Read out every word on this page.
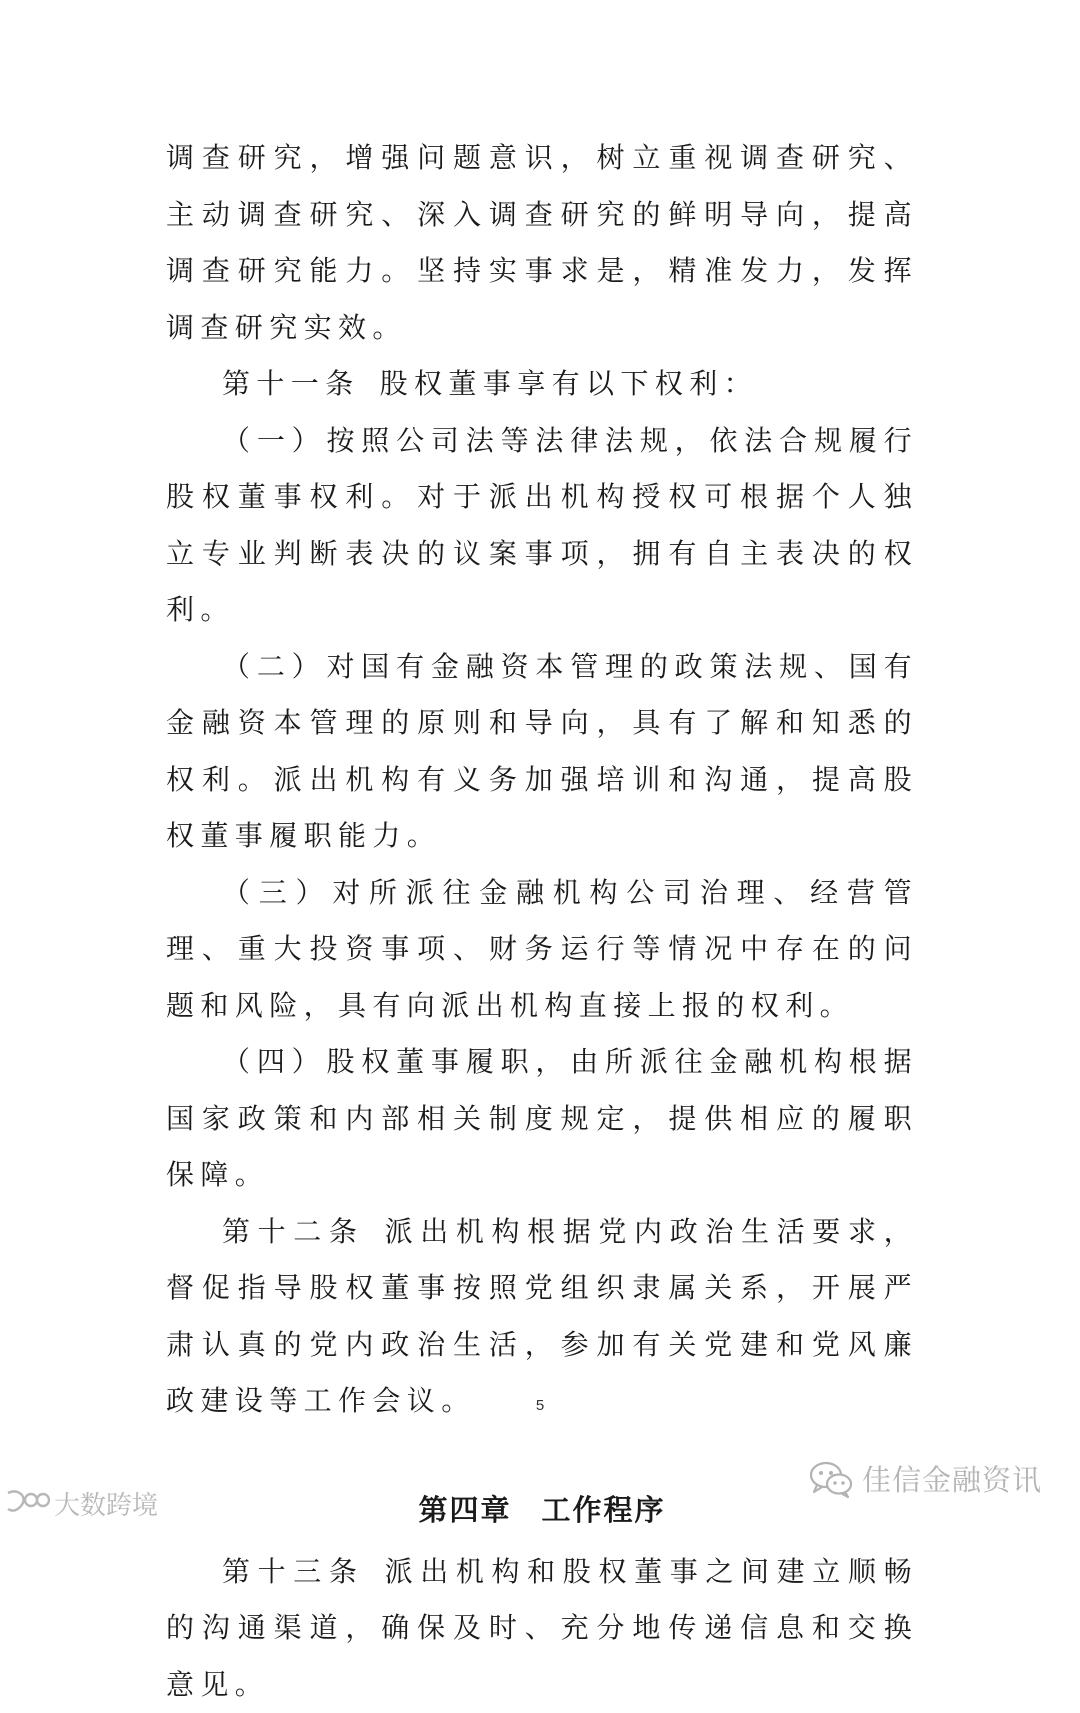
调查研究，增强问题意识，树立重视调查研究、主动调查研究、深入调查研究的鲜明导向，提高调查研究能力。坚持实事求是，精准发力，发挥调查研究实效。

第十一条 股权董事享有以下权利：

（一）按照公司法等法律法规，依法合规履行股权董事权利。对于派出机构授权可根据个人独立专业判断表决的议案事项，拥有自主表决的权利。

（二）对国有金融资本管理的政策法规、国有金融资本管理的原则和导向，具有了解和知悉的权利。派出机构有义务加强培训和沟通，提高股权董事履职能力。

（三）对所派往金融机构公司治理、经营管理、重大投资事项、财务运行等情况中存在的问题和风险，具有向派出机构直接上报的权利。

（四）股权董事履职，由所派往金融机构根据国家政策和内部相关制度规定，提供相应的履职保障。

第十二条 派出机构根据党内政治生活要求，督促指导股权董事按照党组织隶属关系，开展严肃认真的党内政治生活，参加有关党建和党风廉政建设等工作会议。

第四章 工作程序

第十三条 派出机构和股权董事之间建立顺畅的沟通渠道，确保及时、充分地传递信息和交换意见。

5
佳信金融资讯
大数跨境
